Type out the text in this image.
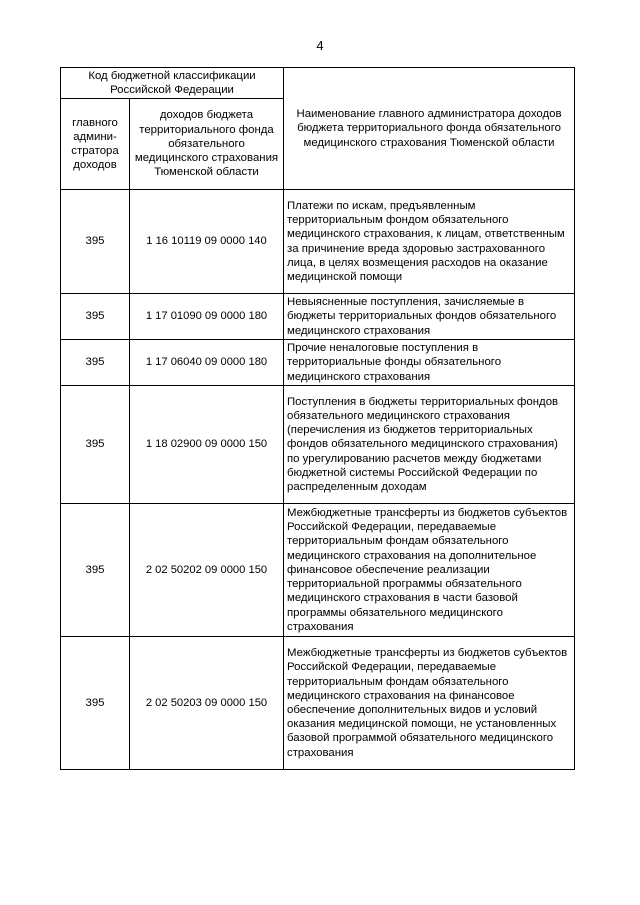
4
Код бюджетной классификации Российской Федерации		Наименование главного администратора доходов бюджета территориального фонда обязательного медицинского страхования Тюменской области
главного админи-стратора доходов	доходов бюджета территориального фонда обязательного медицинского страхования Тюменской области	
395	1 16 10119 09 0000 140	Платежи по искам, предъявленным территориальным фондом обязательного медицинского страхования, к лицам, ответственным за причинение вреда здоровью застрахованного лица, в целях возмещения расходов на оказание медицинской помощи
395	1 17 01090 09 0000 180	Невыясненные поступления, зачисляемые в бюджеты территориальных фондов обязательного медицинского страхования
395	1 17 06040 09 0000 180	Прочие неналоговые поступления в территориальные фонды обязательного медицинского страхования
395	1 18 02900 09 0000 150	Поступления в бюджеты территориальных фондов обязательного медицинского страхования (перечисления из бюджетов территориальных фондов обязательного медицинского страхования) по урегулированию расчетов между бюджетами бюджетной системы Российской Федерации по распределенным доходам
395	2 02 50202 09 0000 150	Межбюджетные трансферты из бюджетов субъектов Российской Федерации, передаваемые территориальным фондам обязательного медицинского страхования на дополнительное финансовое обеспечение реализации территориальной программы обязательного медицинского страхования в части базовой программы обязательного медицинского страхования
395	2 02 50203 09 0000 150	Межбюджетные трансферты из бюджетов субъектов Российской Федерации, передаваемые территориальным фондам обязательного медицинского страхования на финансовое обеспечение дополнительных видов и условий оказания медицинской помощи, не установленных базовой программой обязательного медицинского страхования
